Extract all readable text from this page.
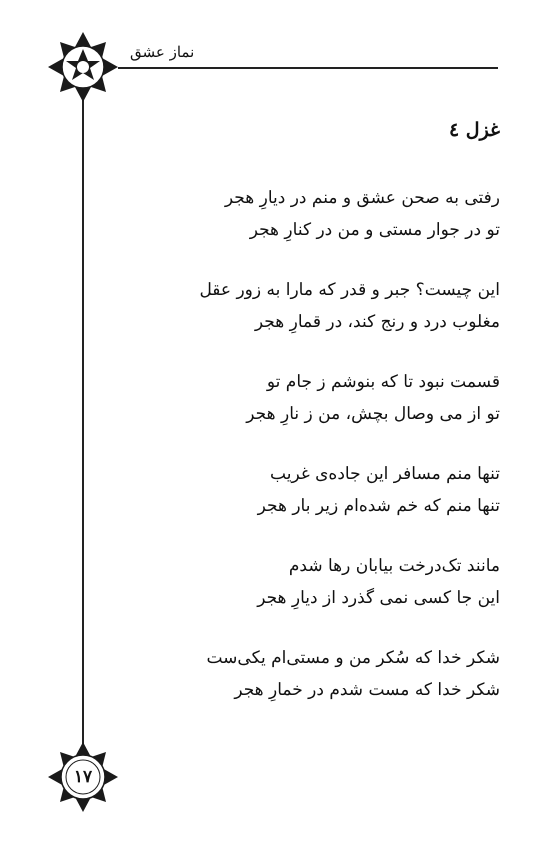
نماز عشق
غزل ٤
رفتی به صحن عشق و منم در دیارِ هجر
تو در جوار مستی و من در کنارِ هجر
این چیست؟ جبر و قدر که مارا به زور عقل
مغلوب درد و رنج کند، در قمارِ هجر
قسمت نبود تا که بنوشم ز جام تو
تو از می وصال بچش، من ز نارِ هجر
تنها منم مسافر این جاده‌ی غریب
تنها منم که خم شده‌ام زیر بار هجر
مانند تک‌درخت بیابان رها شدم
این جا کسی نمی گذرد از دیارِ هجر
شکر خدا که سُکر من و مستی‌ام یکی‌ست
شکر خدا که مست شدم در خمارِ هجر
۱۷
